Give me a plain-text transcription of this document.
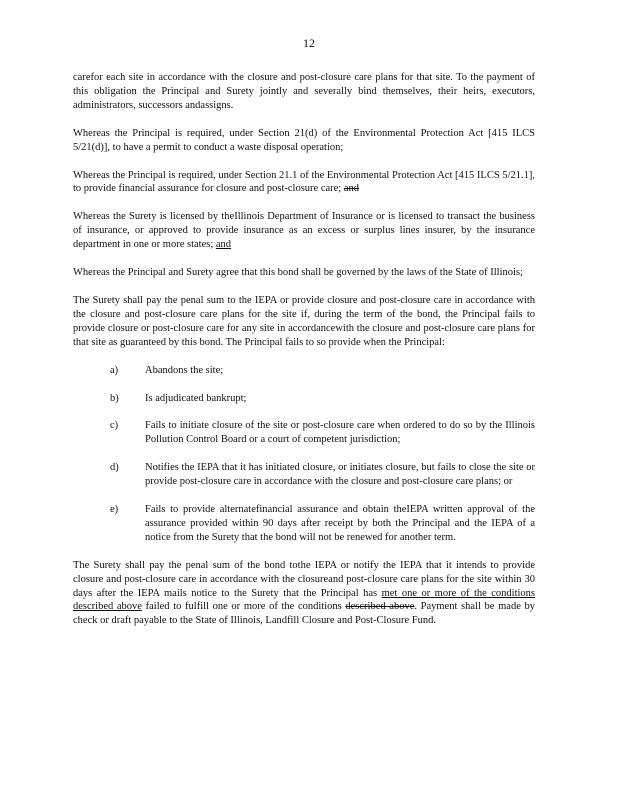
12

carefor each site in accordance with the closure and post-closure care plans for that site. To the payment of this obligation the Principal and Surety jointly and severally bind themselves, their heirs, executors, administrators, successors andassigns.

Whereas the Principal is required, under Section 21(d) of the Environmental Protection Act [415 ILCS 5/21(d)], to have a permit to conduct a waste disposal operation;

Whereas the Principal is required, under Section 21.1 of the Environmental Protection Act [415 ILCS 5/21.1], to provide financial assurance for closure and post-closure care; and

Whereas the Surety is licensed by theIllinois Department of Insurance or is licensed to transact the business of insurance, or approved to provide insurance as an excess or surplus lines insurer, by the insurance department in one or more states; and

Whereas the Principal and Surety agree that this bond shall be governed by the laws of the State of Illinois;

The Surety shall pay the penal sum to the IEPA or provide closure and post-closure care in accordance with the closure and post-closure care plans for the site if, during the term of the bond, the Principal fails to provide closure or post-closure care for any site in accordancewith the closure and post-closure care plans for that site as guaranteed by this bond. The Principal fails to so provide when the Principal:

a)	Abandons the site;
b)	Is adjudicated bankrupt;
c)	Fails to initiate closure of the site or post-closure care when ordered to do so by the Illinois Pollution Control Board or a court of competent jurisdiction;
d)	Notifies the IEPA that it has initiated closure, or initiates closure, but fails to close the site or provide post-closure care in accordance with the closure and post-closure care plans; or
e)	Fails to provide alternatefinancial assurance and obtain theIEPA written approval of the assurance provided within 90 days after receipt by both the Principal and the IEPA of a notice from the Surety that the bond will not be renewed for another term.

The Surety shall pay the penal sum of the bond tothe IEPA or notify the IEPA that it intends to provide closure and post-closure care in accordance with the closureand post-closure care plans for the site within 30 days after the IEPA mails notice to the Surety that the Principal has met one or more of the conditions described above failed to fulfill one or more of the conditions described above. Payment shall be made by check or draft payable to the State of Illinois, Landfill Closure and Post-Closure Fund.
